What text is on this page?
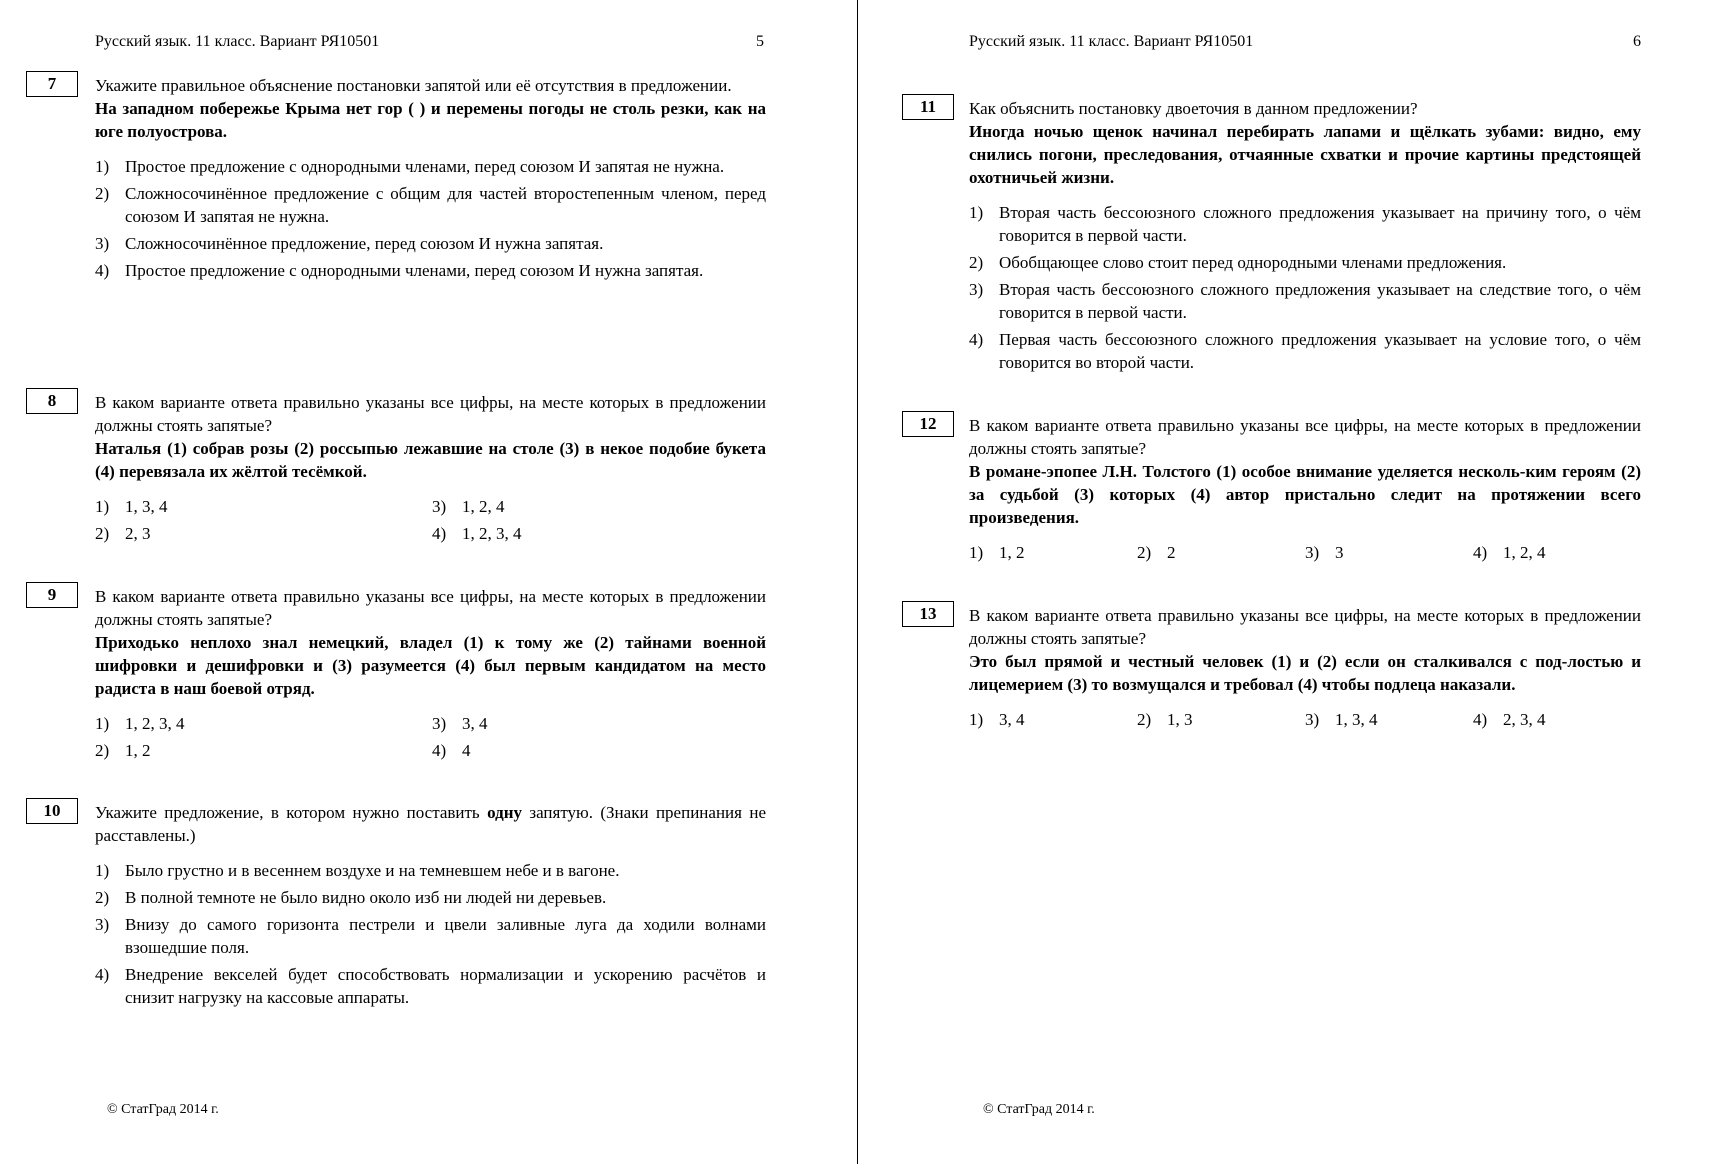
Русский язык. 11 класс. Вариант РЯ10501	5
7	Укажите правильное объяснение постановки запятой или её отсутствия в предложении.
На западном побережье Крыма нет гор ( ) и перемены погоды не столь резки, как на юге полуострова.
1) Простое предложение с однородными членами, перед союзом И запятая не нужна.
2) Сложносочинённое предложение с общим для частей второстепенным членом, перед союзом И запятая не нужна.
3) Сложносочинённое предложение, перед союзом И нужна запятая.
4) Простое предложение с однородными членами, перед союзом И нужна запятая.
8	В каком варианте ответа правильно указаны все цифры, на месте которых в предложении должны стоять запятые?
Наталья (1) собрав розы (2) россыпью лежавшие на столе (3) в некое подобие букета (4) перевязала их жёлтой тесёмкой.
1) 1, 3, 4	3) 1, 2, 4
2) 2, 3	4) 1, 2, 3, 4
9	В каком варианте ответа правильно указаны все цифры, на месте которых в предложении должны стоять запятые?
Приходько неплохо знал немецкий, владел (1) к тому же (2) тайнами военной шифровки и дешифровки и (3) разумеется (4) был первым кандидатом на место радиста в наш боевой отряд.
1) 1, 2, 3, 4	3) 3, 4
2) 1, 2	4) 4
10	Укажите предложение, в котором нужно поставить одну запятую. (Знаки препинания не расставлены.)
1) Было грустно и в весеннем воздухе и на темневшем небе и в вагоне.
2) В полной темноте не было видно около изб ни людей ни деревьев.
3) Внизу до самого горизонта пестрели и цвели заливные луга да ходили волнами взошедшие поля.
4) Внедрение векселей будет способствовать нормализации и ускорению расчётов и снизит нагрузку на кассовые аппараты.
© СтатГрад 2014 г.
Русский язык. 11 класс. Вариант РЯ10501	6
11	Как объяснить постановку двоеточия в данном предложении?
Иногда ночью щенок начинал перебирать лапами и щёлкать зубами: видно, ему снились погони, преследования, отчаянные схватки и прочие картины предстоящей охотничьей жизни.
1) Вторая часть бессоюзного сложного предложения указывает на причину того, о чём говорится в первой части.
2) Обобщающее слово стоит перед однородными членами предложения.
3) Вторая часть бессоюзного сложного предложения указывает на следствие того, о чём говорится в первой части.
4) Первая часть бессоюзного сложного предложения указывает на условие того, о чём говорится во второй части.
12	В каком варианте ответа правильно указаны все цифры, на месте которых в предложении должны стоять запятые?
В романе-эпопее Л.Н. Толстого (1) особое внимание уделяется несколь-ким героям (2) за судьбой (3) которых (4) автор пристально следит на протяжении всего произведения.
1) 1, 2	2) 2	3) 3	4) 1, 2, 4
13	В каком варианте ответа правильно указаны все цифры, на месте которых в предложении должны стоять запятые?
Это был прямой и честный человек (1) и (2) если он сталкивался с под-лостью и лицемерием (3) то возмущался и требовал (4) чтобы подлеца наказали.
1) 3, 4	2) 1, 3	3) 1, 3, 4	4) 2, 3, 4
© СтатГрад 2014 г.
